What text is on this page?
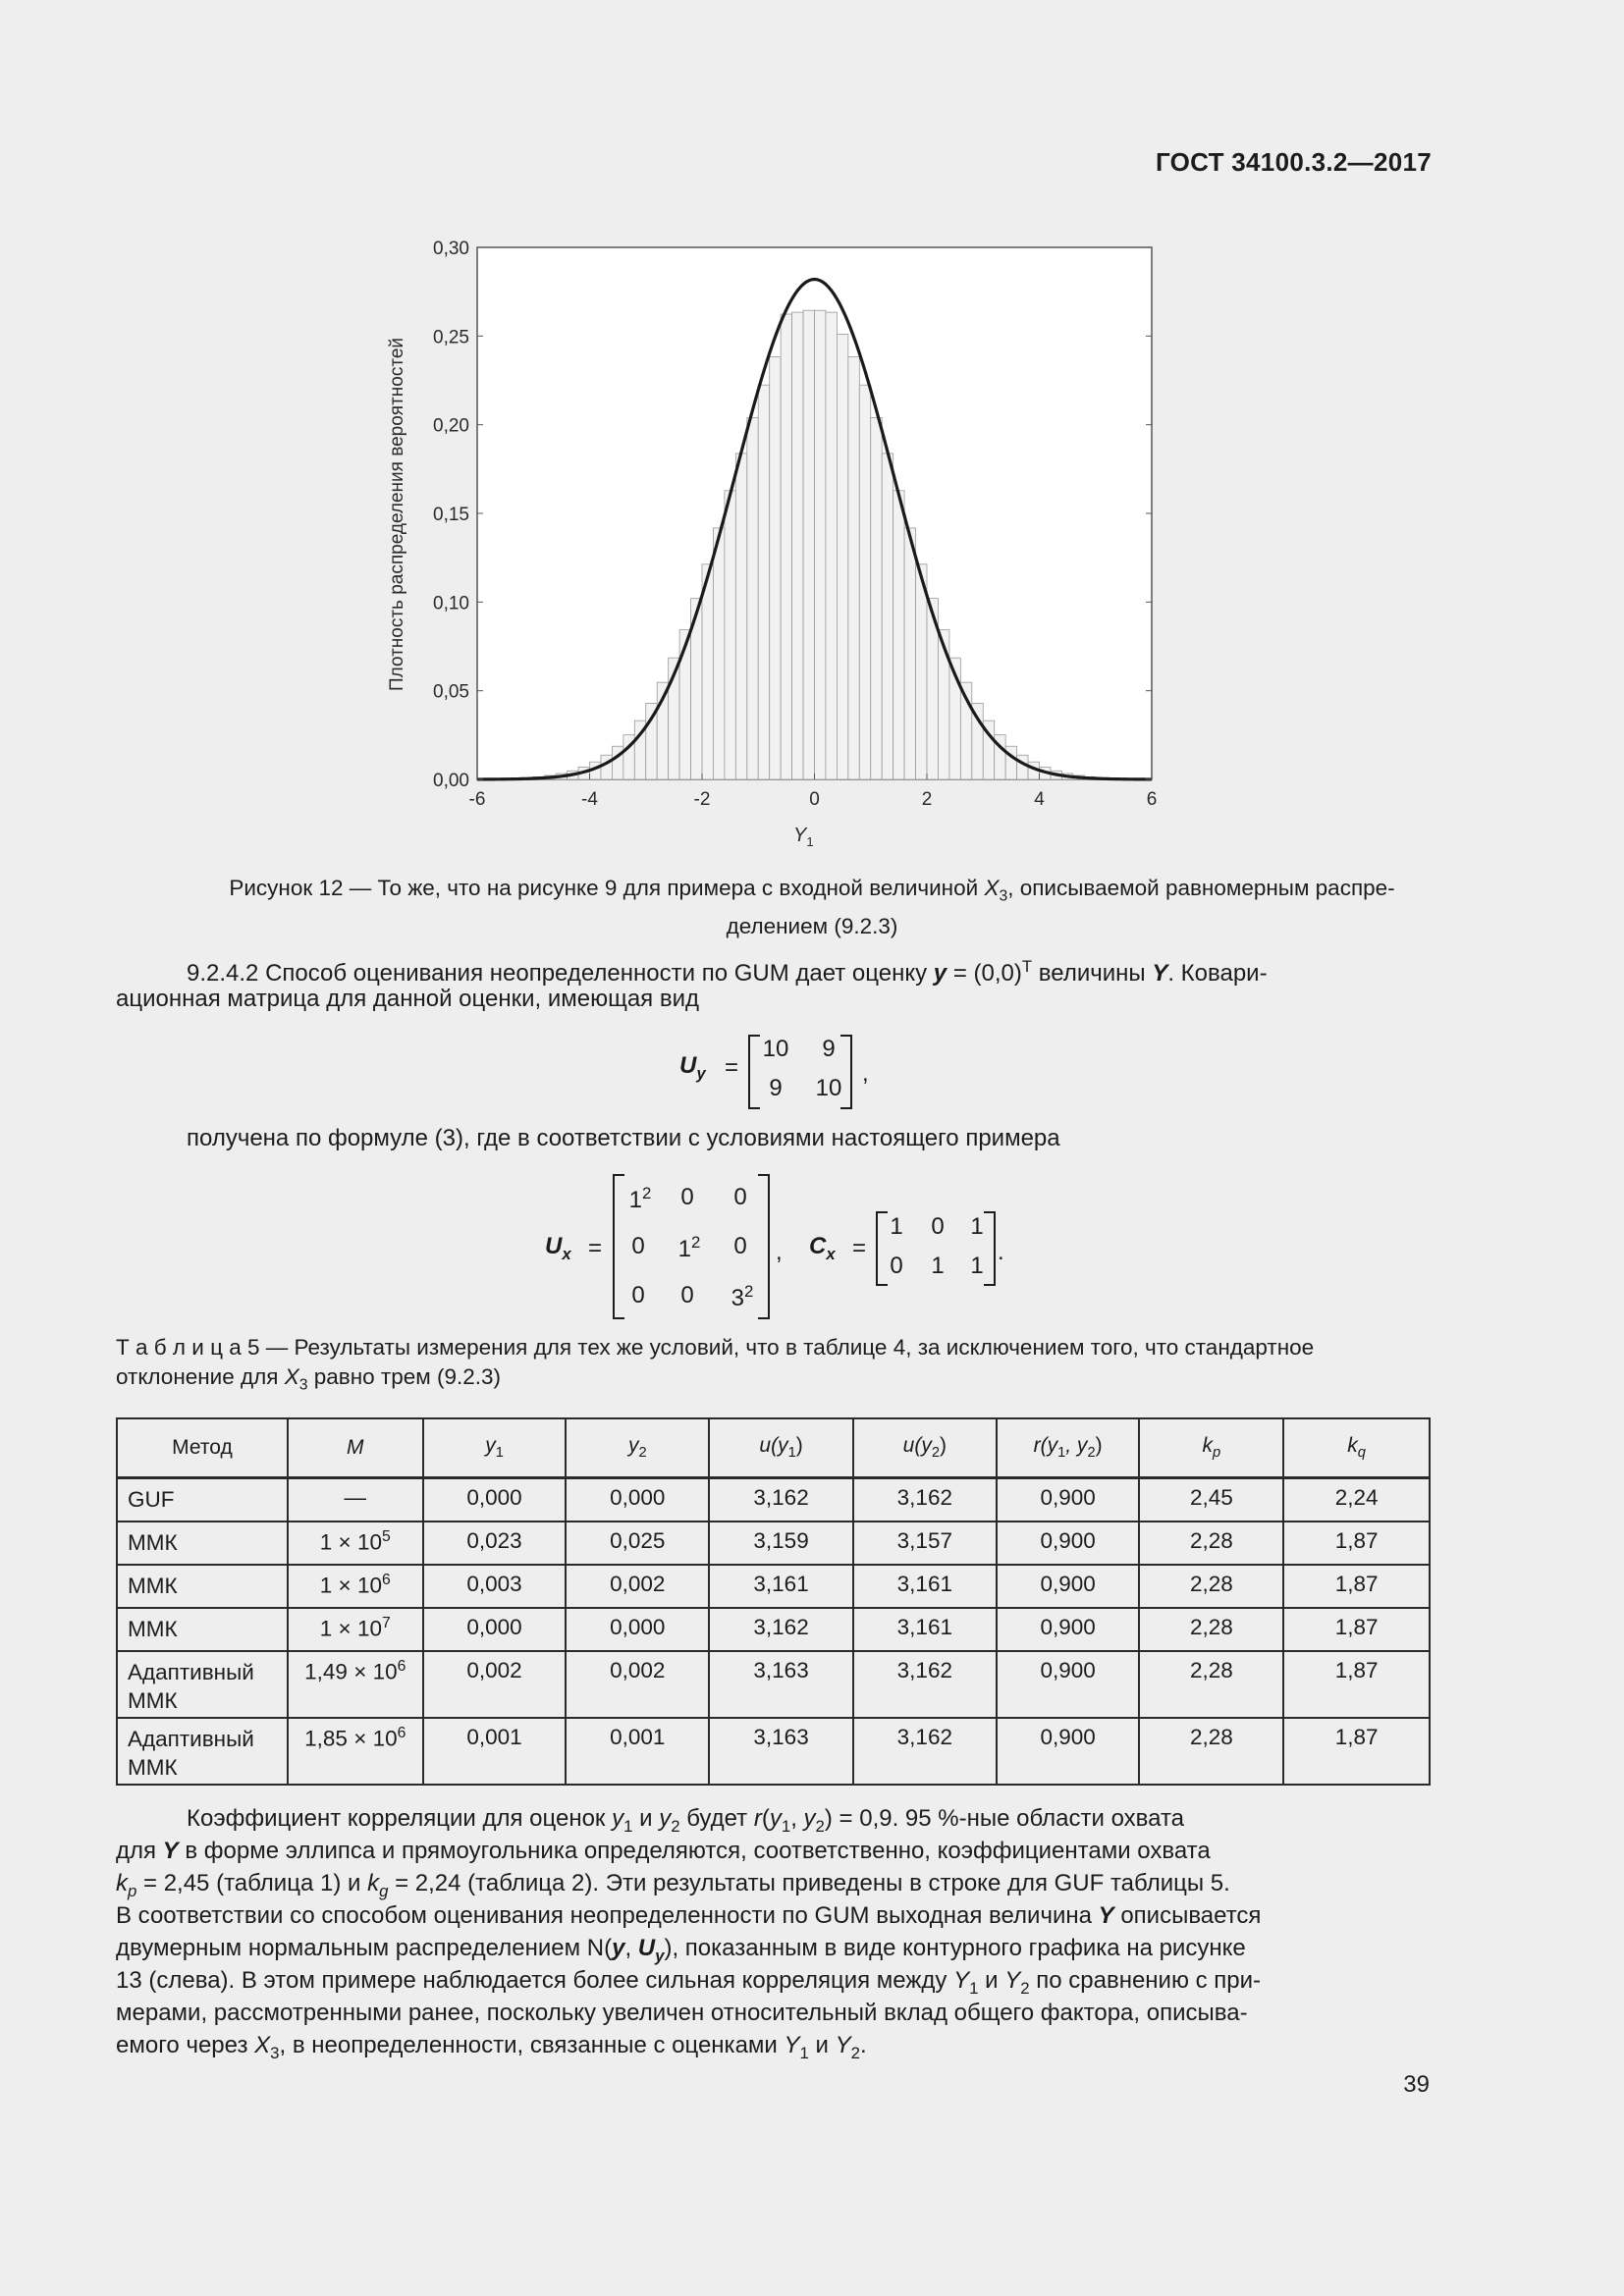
ГОСТ 34100.3.2—2017
0,00
0,05
0,10
0,15
0,20
0,25
0,30
-6	-4	-2	0	2	4	6
Плотность распределения вероятностей
$Y_1$
Рисунок 12 — То же, что на рисунке 9 для примера с входной величиной $X_3$, описываемой равномерным распре-
делением (9.2.3)
9.2.4.2 Способ оценивания неопределенности по GUM дает оценку $y = (0,0)^T$ величины Y. Ковари-
ационная матрица для данной оценки, имеющая вид
$U_y$ =
10	9
9	10
,
получена по формуле (3), где в соответствии с условиями настоящего примера
$U_x$ =
$1^2$	0	0
0	$1^2$	0
0	0	$3^2$
, $C_x$ =
1	0	1
0	1	1
.
Т а б л и ц а 5 — Результаты измерения для тех же условий, что в таблице 4, за исключением того, что стандартное
отклонение для $X_3$ равно трем (9.2.3)
Метод	M	$y_1$	$y_2$	$u(y_1)$	$u(y_2)$	$r(y_1$, $y_2$)	$k_p$	$k_q$
GUF	—	0,000	0,000	3,162	3,162	0,900	2,45	2,24
ММК	$1 \times 10^5$	0,023	0,025	3,159	3,157	0,900	2,28	1,87
ММК	$1 \times 10^6$	0,003	0,002	3,161	3,161	0,900	2,28	1,87
ММК	$1 \times 10^7$	0,000	0,000	3,162	3,161	0,900	2,28	1,87
Адаптивный
ММК	$1,49 \times 10^6$	0,002	0,002	3,163	3,162	0,900	2,28	1,87
Адаптивный
ММК	$1,85 \times 10^6$	0,001	0,001	3,163	3,162	0,900	2,28	1,87
Коэффициент корреляции для оценок $y_1$ и $y_2$ будет $r(y_1$, $y_2) = 0,9$. 95 %-ные области охвата
для Y в форме эллипса и прямоугольника определяются, соответственно, коэффициентами охвата
$k_p = 2,45$ (таблица 1) и $k_g = 2,24$ (таблица 2). Эти результаты приведены в строке для GUF таблицы 5.
В соответствии со способом оценивания неопределенности по GUM выходная величина Y описывается
двумерным нормальным распределением N(y, $U_y$), показанным в виде контурного графика на рисунке
13 (слева). В этом примере наблюдается более сильная корреляция между $Y_1$ и $Y_2$ по сравнению с при-
мерами, рассмотренными ранее, поскольку увеличен относительный вклад общего фактора, описыва-
емого через $X_3$, в неопределенности, связанные с оценками $Y_1$ и $Y_2$.
39
